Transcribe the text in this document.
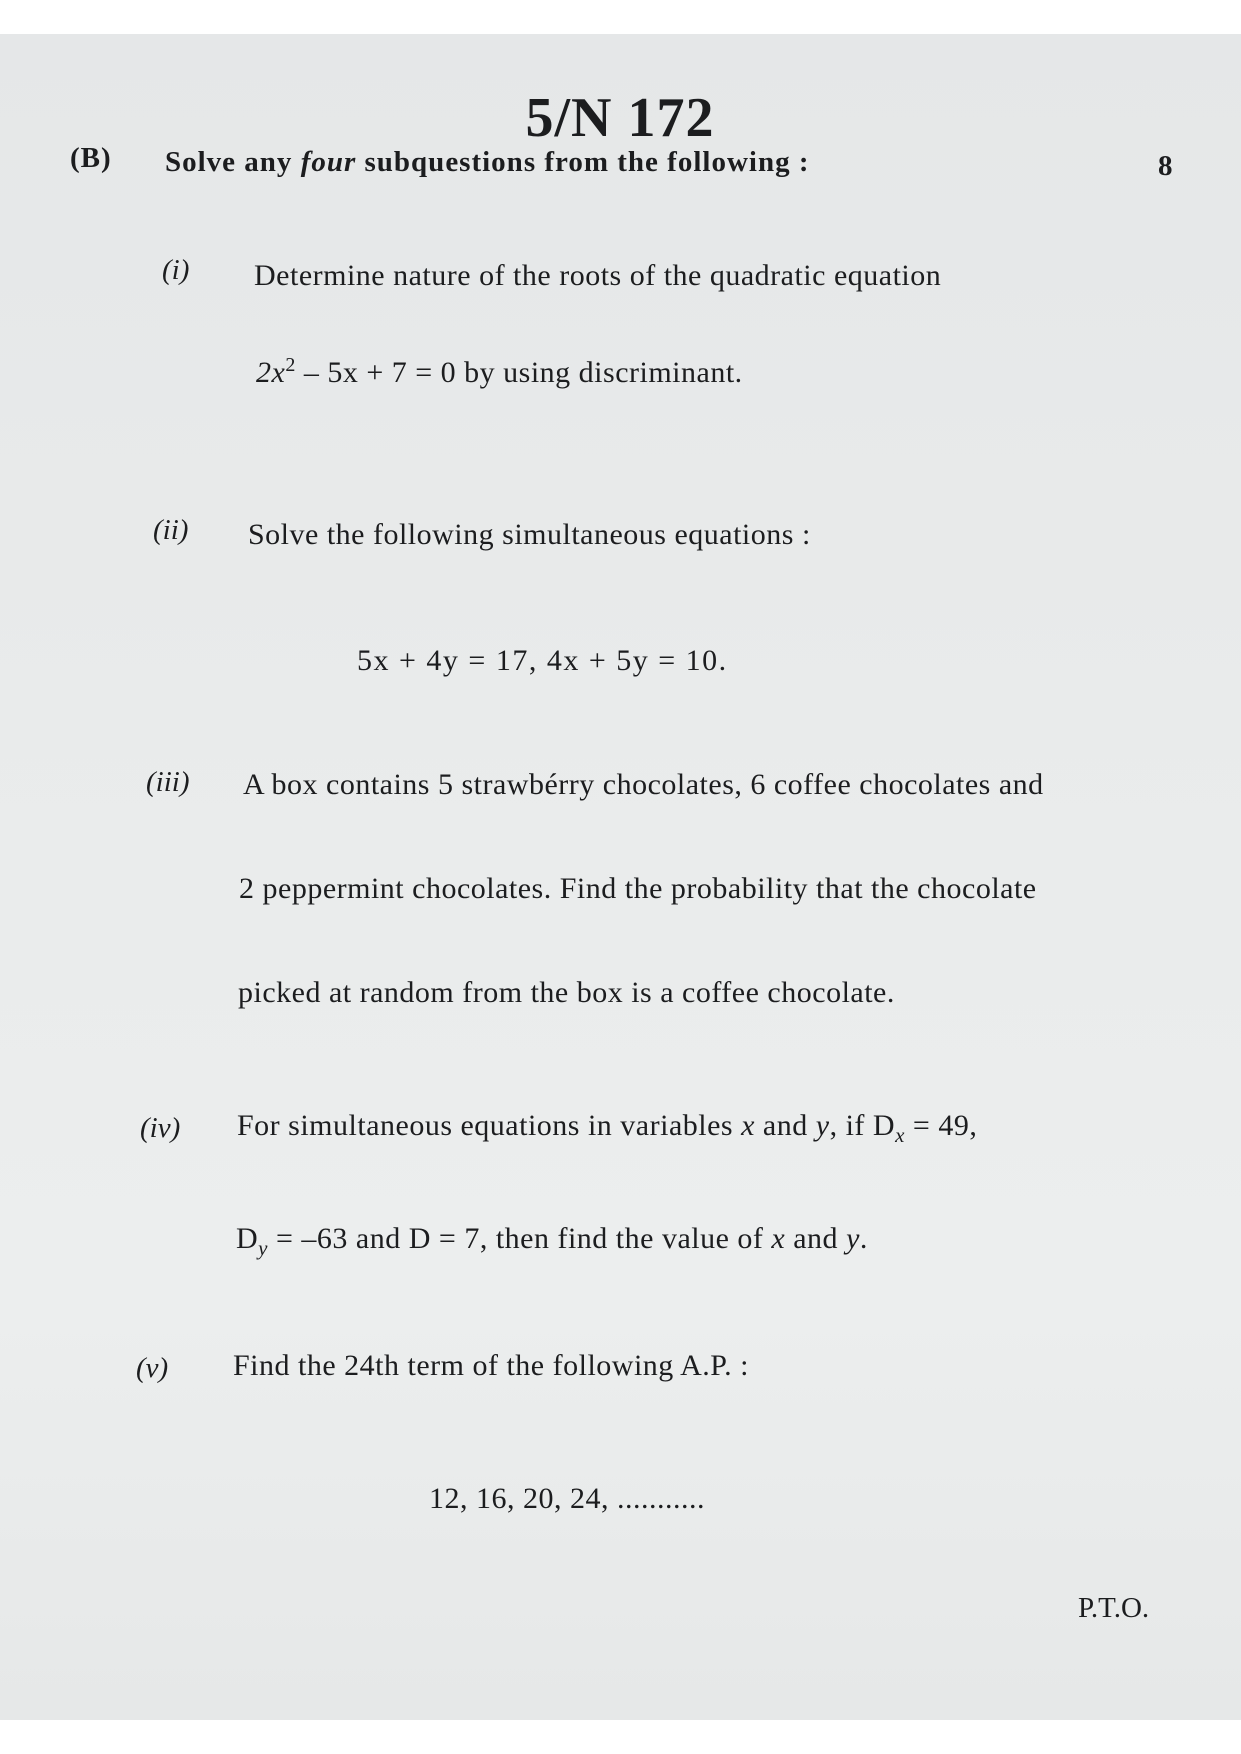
5/N 172
(B) Solve any four subquestions from the following :	8
(i) Determine nature of the roots of the quadratic equation
$2x^2 - 5x + 7 = 0$ by using discriminant.
(ii) Solve the following simultaneous equations :
5x + 4y = 17, 4x + 5y = 10.
(iii) A box contains 5 strawbérry chocolates, 6 coffee chocolates and
2 peppermint chocolates. Find the probability that the chocolate
picked at random from the box is a coffee chocolate.
(iv) For simultaneous equations in variables x and y, if $D_x = 49$,
$D_y = -63$ and D = 7, then find the value of x and y.
(v) Find the 24th term of the following A.P. :
12, 16, 20, 24, ...........
P.T.O.
